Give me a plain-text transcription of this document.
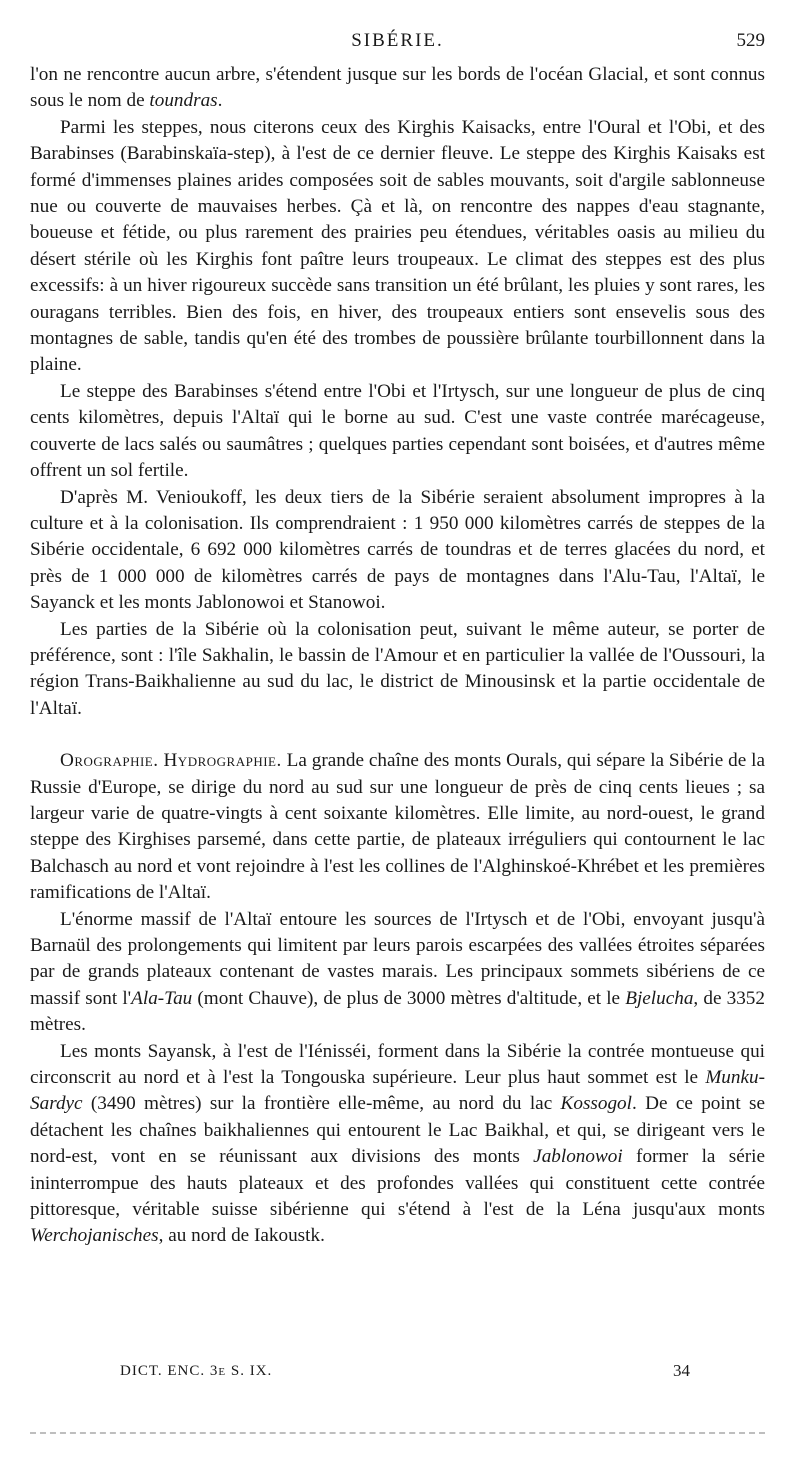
SIBÉRIE.	529

l'on ne rencontre aucun arbre, s'étendent jusque sur les bords de l'océan Glacial, et sont connus sous le nom de toundras.

Parmi les steppes, nous citerons ceux des Kirghis Kaisacks, entre l'Oural et l'Obi, et des Barabinses (Barabinskaïa-step), à l'est de ce dernier fleuve. Le steppe des Kirghis Kaisaks est formé d'immenses plaines arides composées soit de sables mouvants, soit d'argile sablonneuse nue ou couverte de mauvaises herbes. Çà et là, on rencontre des nappes d'eau stagnante, boueuse et fétide, ou plus rarement des prairies peu étendues, véritables oasis au milieu du désert stérile où les Kirghis font paître leurs troupeaux. Le climat des steppes est des plus excessifs: à un hiver rigoureux succède sans transition un été brûlant, les pluies y sont rares, les ouragans terribles. Bien des fois, en hiver, des troupeaux entiers sont ensevelis sous des montagnes de sable, tandis qu'en été des trombes de poussière brûlante tourbillonnent dans la plaine.

Le steppe des Barabinses s'étend entre l'Obi et l'Irtysch, sur une longueur de plus de cinq cents kilomètres, depuis l'Altaï qui le borne au sud. C'est une vaste contrée marécageuse, couverte de lacs salés ou saumâtres ; quelques parties cependant sont boisées, et d'autres même offrent un sol fertile.

D'après M. Venioukoff, les deux tiers de la Sibérie seraient absolument impropres à la culture et à la colonisation. Ils comprendraient : 1 950 000 kilomètres carrés de steppes de la Sibérie occidentale, 6 692 000 kilomètres carrés de toundras et de terres glacées du nord, et près de 1 000 000 de kilomètres carrés de pays de montagnes dans l'Alu-Tau, l'Altaï, le Sayanck et les monts Jablonowoi et Stanowoi.

Les parties de la Sibérie où la colonisation peut, suivant le même auteur, se porter de préférence, sont : l'île Sakhalin, le bassin de l'Amour et en particulier la vallée de l'Oussouri, la région Trans-Baikhalienne au sud du lac, le district de Minousinsk et la partie occidentale de l'Altaï.

Orographie. Hydrographie. La grande chaîne des monts Ourals, qui sépare la Sibérie de la Russie d'Europe, se dirige du nord au sud sur une longueur de près de cinq cents lieues ; sa largeur varie de quatre-vingts à cent soixante kilomètres. Elle limite, au nord-ouest, le grand steppe des Kirghises parsemé, dans cette partie, de plateaux irréguliers qui contournent le lac Balchasch au nord et vont rejoindre à l'est les collines de l'Alghinskoé-Khrébet et les premières ramifications de l'Altaï.

L'énorme massif de l'Altaï entoure les sources de l'Irtysch et de l'Obi, envoyant jusqu'à Barnaül des prolongements qui limitent par leurs parois escarpées des vallées étroites séparées par de grands plateaux contenant de vastes marais. Les principaux sommets sibériens de ce massif sont l'Ala-Tau (mont Chauve), de plus de 3000 mètres d'altitude, et le Bjelucha, de 3352 mètres.

Les monts Sayansk, à l'est de l'Iénisséi, forment dans la Sibérie la contrée montueuse qui circonscrit au nord et à l'est la Tongouska supérieure. Leur plus haut sommet est le Munku-Sardyc (3490 mètres) sur la frontière elle-même, au nord du lac Kossogol. De ce point se détachent les chaînes baikhaliennes qui entourent le Lac Baikhal, et qui, se dirigeant vers le nord-est, vont en se réunissant aux divisions des monts Jablonowoi former la série ininterrompue des hauts plateaux et des profondes vallées qui constituent cette contrée pittoresque, véritable suisse sibérienne qui s'étend à l'est de la Léna jusqu'aux monts Werchojanisches, au nord de Iakoustk.

DICT. ENC. 3e S. IX.	34
